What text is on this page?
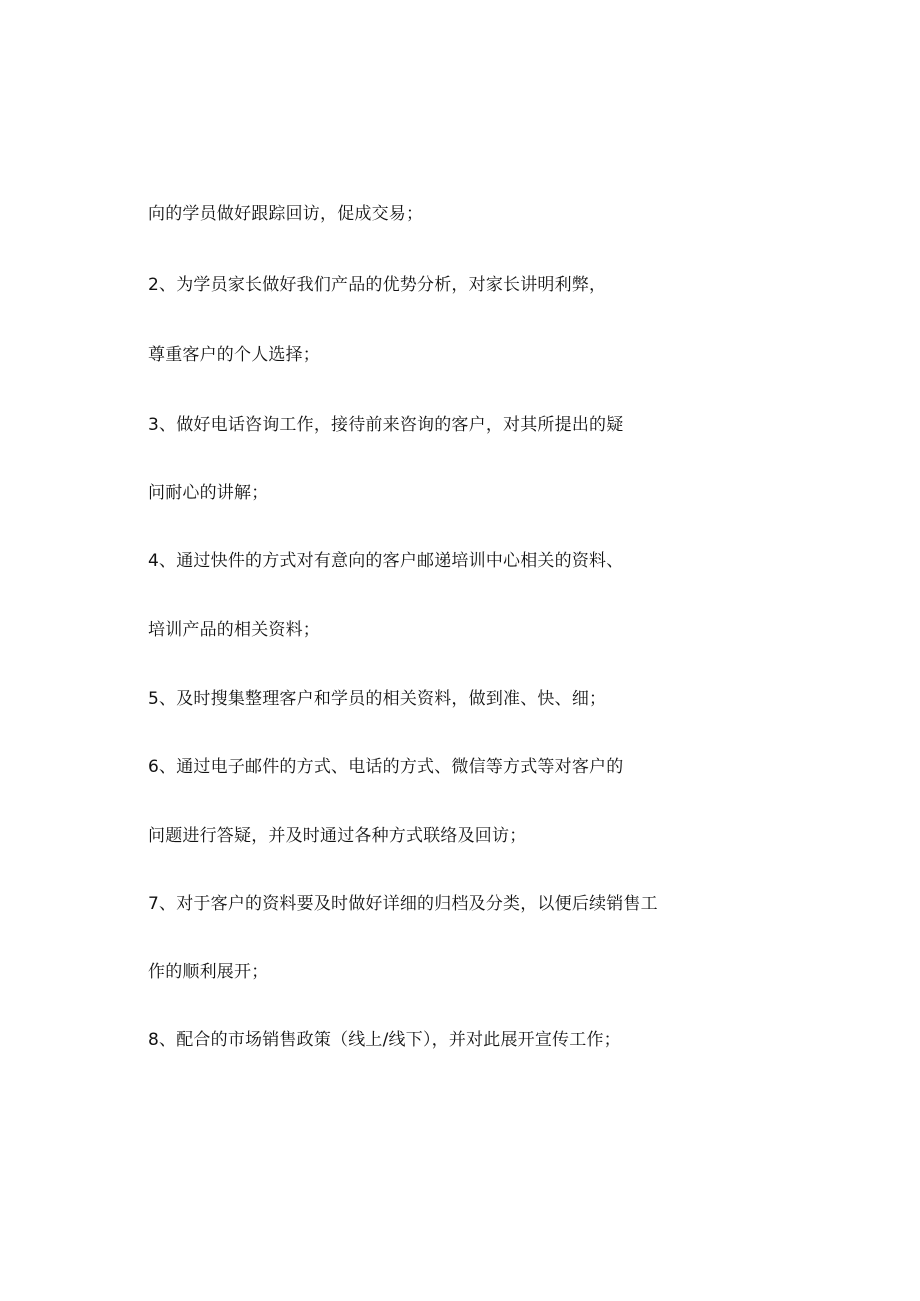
向的学员做好跟踪回访，促成交易；
2、为学员家长做好我们产品的优势分析，对家长讲明利弊，
尊重客户的个人选择；
3、做好电话咨询工作，接待前来咨询的客户，对其所提出的疑
问耐心的讲解；
4、通过快件的方式对有意向的客户邮递培训中心相关的资料、
培训产品的相关资料；
5、及时搜集整理客户和学员的相关资料，做到准、快、细；
6、通过电子邮件的方式、电话的方式、微信等方式等对客户的
问题进行答疑，并及时通过各种方式联络及回访；
7、对于客户的资料要及时做好详细的归档及分类，以便后续销售工
作的顺利展开；
8、配合的市场销售政策（线上/线下），并对此展开宣传工作；
